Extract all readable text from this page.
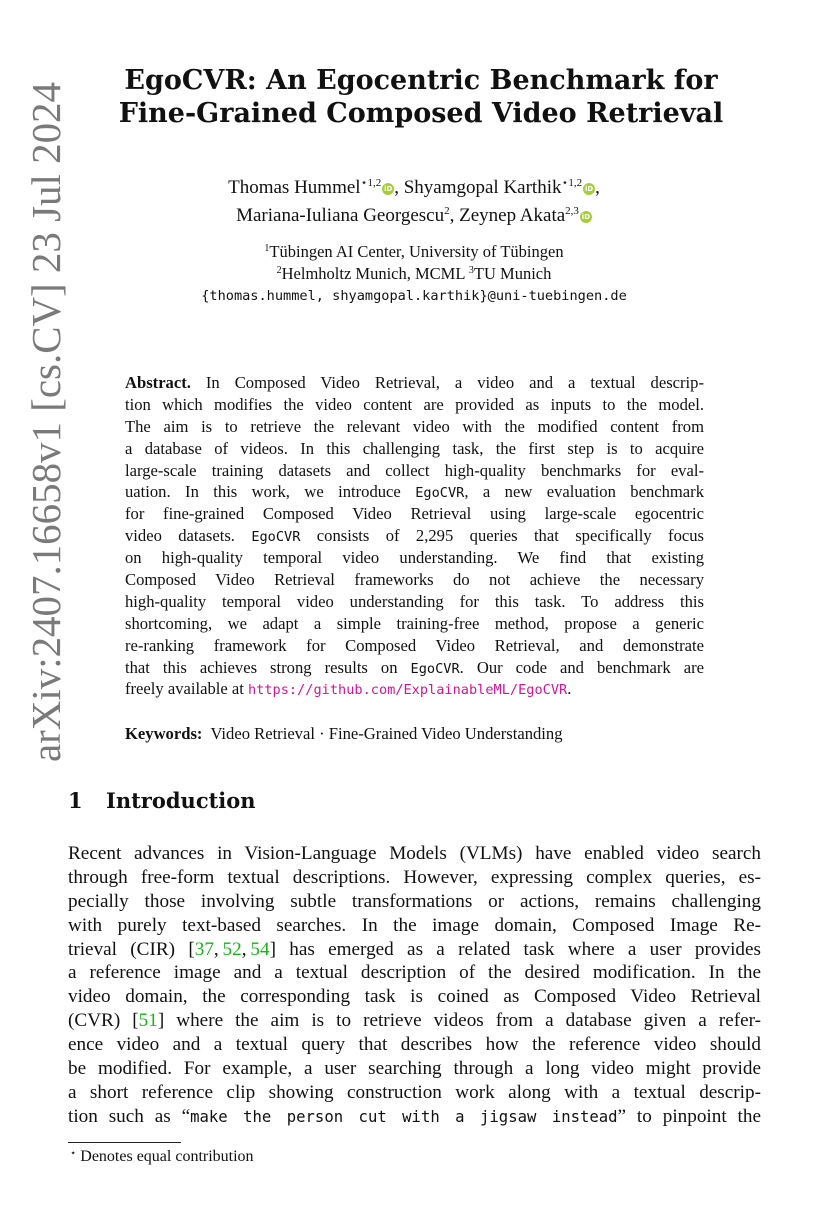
arXiv:2407.16658v1 [cs.CV] 23 Jul 2024
EgoCVR: An Egocentric Benchmark for
Fine-Grained Composed Video Retrieval
Thomas Hummel$^{⋆1,2}$ iD, Shyamgopal Karthik$^{⋆1,2}$ iD,
Mariana-Iuliana Georgescu$^2$, Zeynep Akata$^{2,3}$ iD
$^1$Tübingen AI Center, University of Tübingen
$^2$Helmholtz Munich, MCML $^3$TU Munich
{thomas.hummel, shyamgopal.karthik}@uni-tuebingen.de
Abstract. In Composed Video Retrieval, a video and a textual descrip-
tion which modifies the video content are provided as inputs to the model.
The aim is to retrieve the relevant video with the modified content from
a database of videos. In this challenging task, the first step is to acquire
large-scale training datasets and collect high-quality benchmarks for eval-
uation. In this work, we introduce EgoCVR, a new evaluation benchmark
for fine-grained Composed Video Retrieval using large-scale egocentric
video datasets. EgoCVR consists of 2,295 queries that specifically focus
on high-quality temporal video understanding. We find that existing
Composed Video Retrieval frameworks do not achieve the necessary
high-quality temporal video understanding for this task. To address this
shortcoming, we adapt a simple training-free method, propose a generic
re-ranking framework for Composed Video Retrieval, and demonstrate
that this achieves strong results on EgoCVR. Our code and benchmark are
freely available at https://github.com/ExplainableML/EgoCVR.
Keywords: Video Retrieval · Fine-Grained Video Understanding
1 Introduction
Recent advances in Vision-Language Models (VLMs) have enabled video search
through free-form textual descriptions. However, expressing complex queries, es-
pecially those involving subtle transformations or actions, remains challenging
with purely text-based searches. In the image domain, Composed Image Re-
trieval (CIR) [37, 52, 54] has emerged as a related task where a user provides
a reference image and a textual description of the desired modification. In the
video domain, the corresponding task is coined as Composed Video Retrieval
(CVR) [51] where the aim is to retrieve videos from a database given a refer-
ence video and a textual query that describes how the reference video should
be modified. For example, a user searching through a long video might provide
a short reference clip showing construction work along with a textual descrip-
tion such as “make the person cut with a jigsaw instead” to pinpoint the
⋆ Denotes equal contribution
